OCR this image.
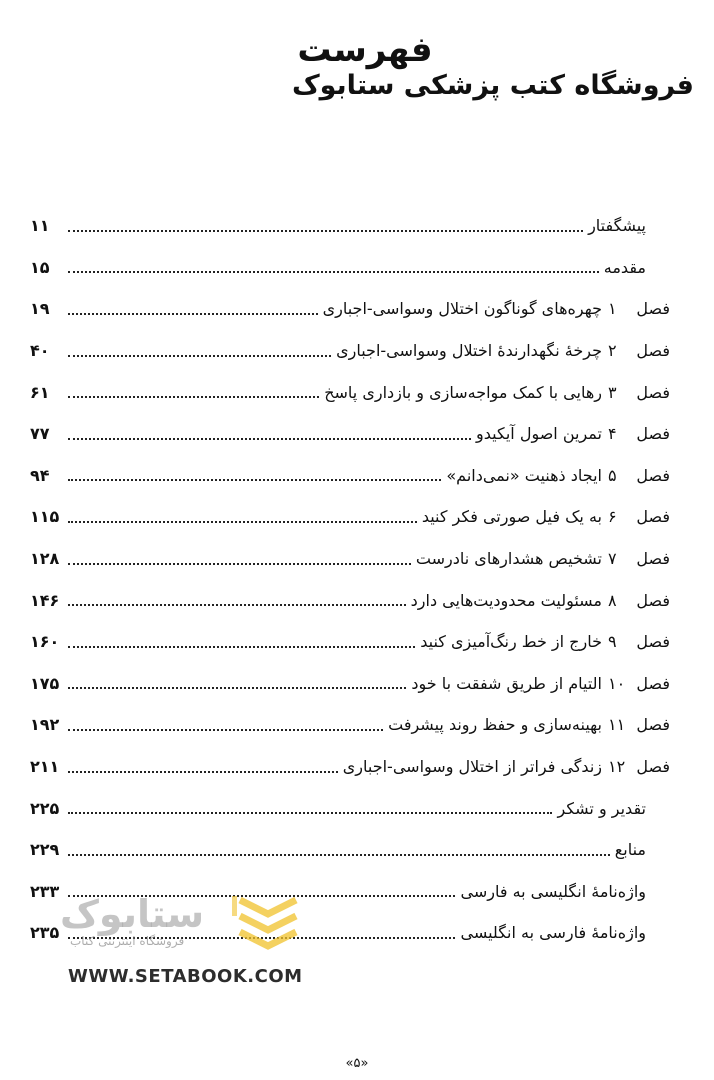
فهرست
فروشگاه کتب پزشکی ستابوک
پیشگفتار
۱۱
مقدمه
۱۵
فصل
۱
چهره‌های گوناگون اختلال وسواسی-اجباری
۱۹
فصل
۲
چرخهٔ نگهدارندهٔ اختلال وسواسی-اجباری
۴۰
فصل
۳
رهایی با کمک مواجه‌سازی و بازداری پاسخ
۶۱
فصل
۴
تمرین اصول آیکیدو
۷۷
فصل
۵
ایجاد ذهنیت «نمی‌دانم»
۹۴
فصل
۶
به یک فیل صورتی فکر کنید
۱۱۵
فصل
۷
تشخیص هشدارهای نادرست
۱۲۸
فصل
۸
مسئولیت محدودیت‌هایی دارد
۱۴۶
فصل
۹
خارج از خط رنگ‌آمیزی کنید
۱۶۰
فصل
۱۰
التیام از طریق شفقت با خود
۱۷۵
فصل
۱۱
بهینه‌سازی و حفظ روند پیشرفت
۱۹۲
فصل
۱۲
زندگی فراتر از اختلال وسواسی-اجباری
۲۱۱
تقدیر و تشکر
۲۲۵
منابع
۲۲۹
واژه‌نامهٔ انگلیسی به فارسی
۲۳۳
واژه‌نامهٔ فارسی به انگلیسی
۲۳۵ ستابوک
فروشگاه اینترنتی کتاب
WWW.SETABOOK.COM
«۵»
